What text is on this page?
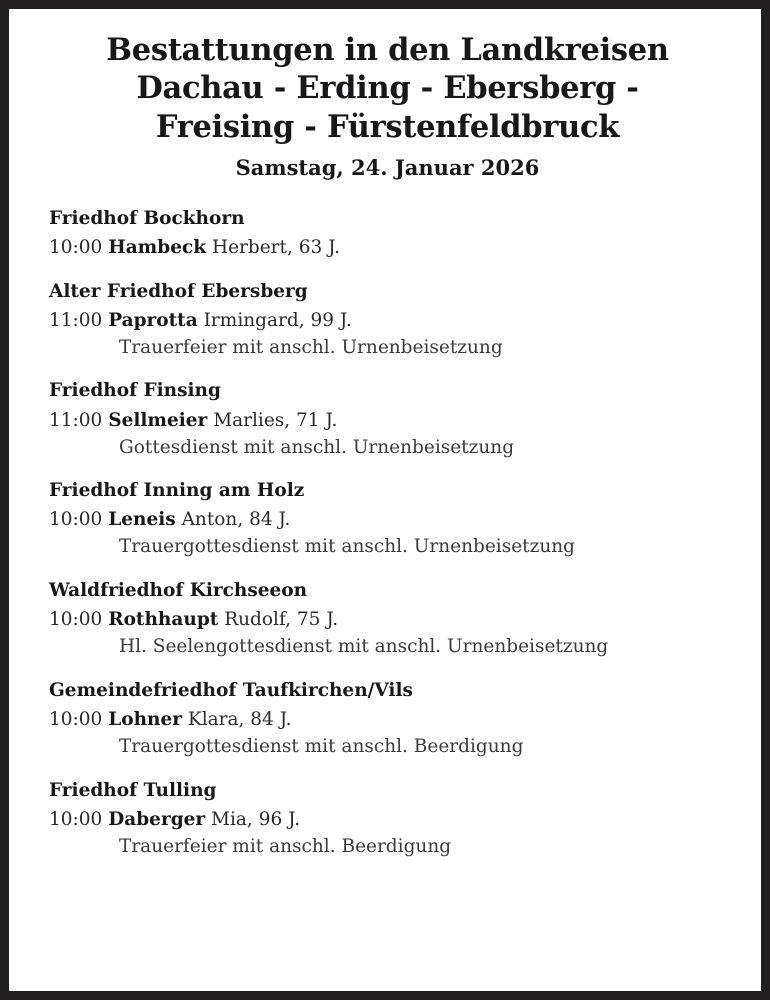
Bestattungen in den Landkreisen
Dachau - Erding - Ebersberg -
Freising - Fürstenfeldbruck
Samstag, 24. Januar 2026
Friedhof Bockhorn
10:00 Hambeck Herbert, 63 J.
Alter Friedhof Ebersberg
11:00 Paprotta Irmingard, 99 J.
Trauerfeier mit anschl. Urnenbeisetzung
Friedhof Finsing
11:00 Sellmeier Marlies, 71 J.
Gottesdienst mit anschl. Urnenbeisetzung
Friedhof Inning am Holz
10:00 Leneis Anton, 84 J.
Trauergottesdienst mit anschl. Urnenbeisetzung
Waldfriedhof Kirchseeon
10:00 Rothhaupt Rudolf, 75 J.
Hl. Seelengottesdienst mit anschl. Urnenbeisetzung
Gemeindefriedhof Taufkirchen/Vils
10:00 Lohner Klara, 84 J.
Trauergottesdienst mit anschl. Beerdigung
Friedhof Tulling
10:00 Daberger Mia, 96 J.
Trauerfeier mit anschl. Beerdigung
